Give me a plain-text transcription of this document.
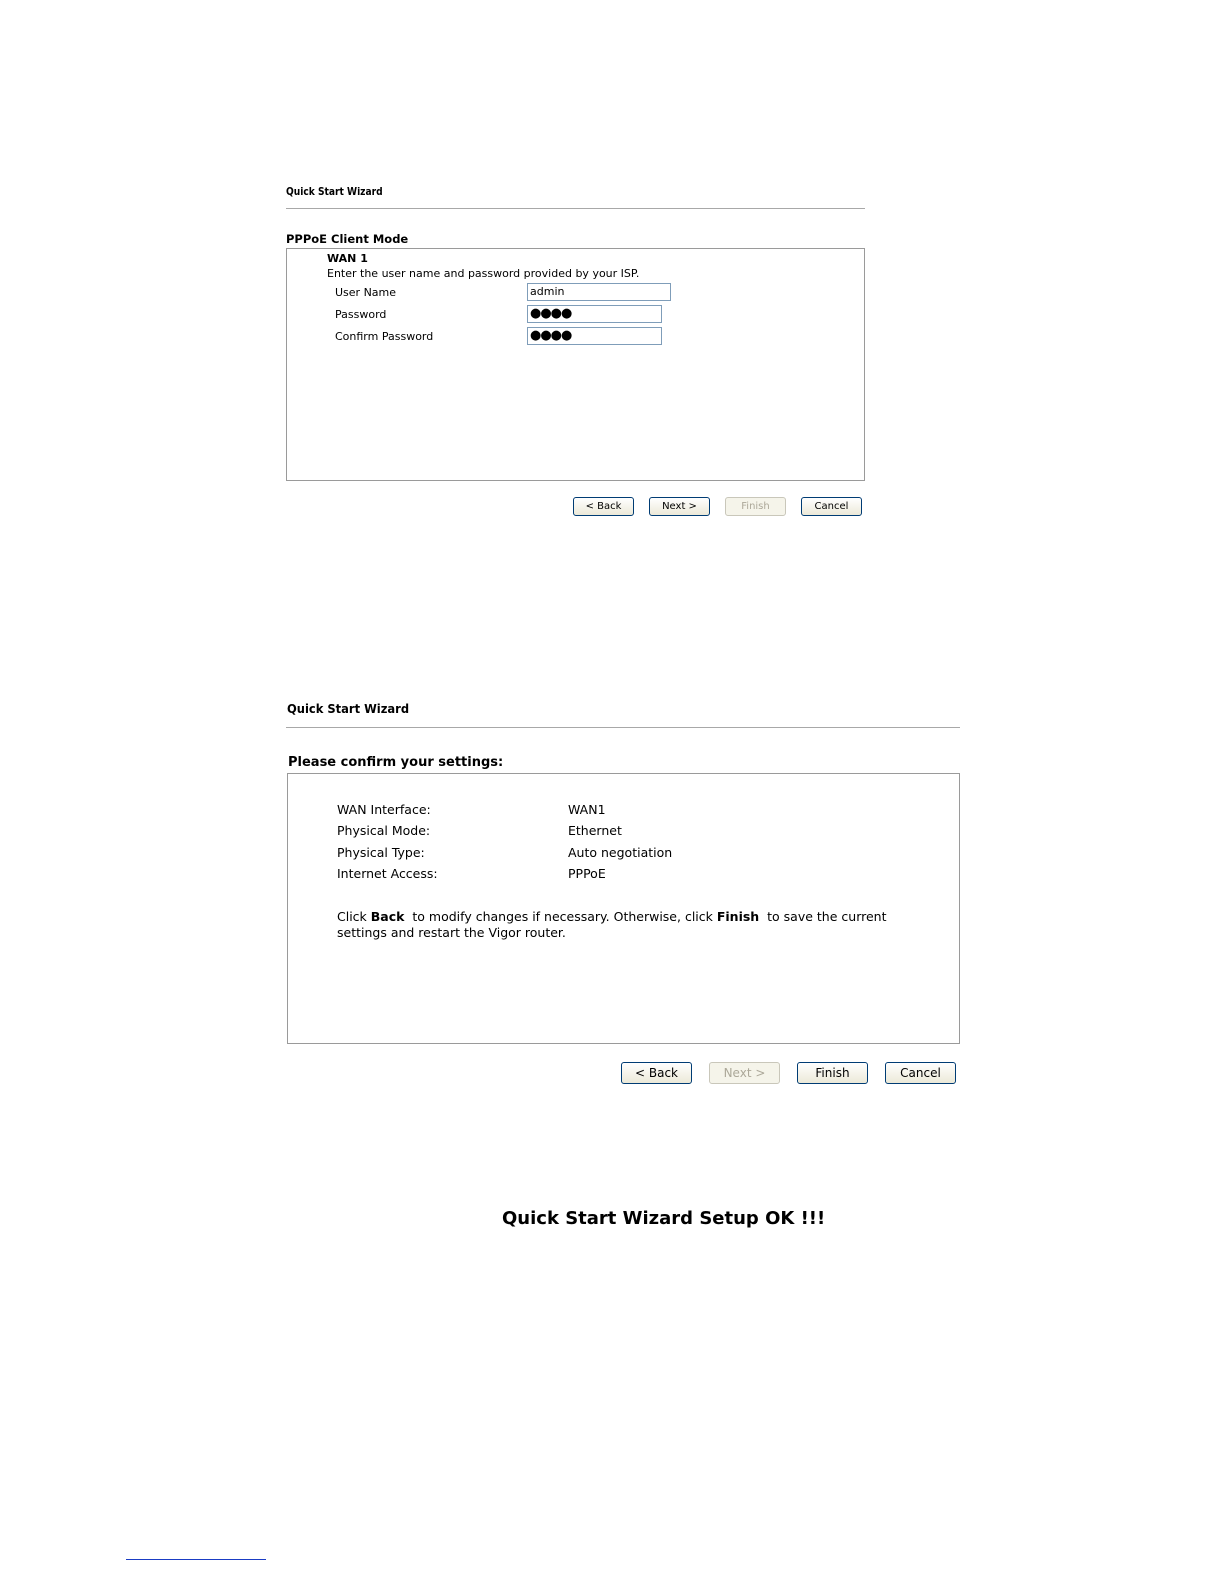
Quick Start Wizard
PPPoE Client Mode
WAN 1
Enter the user name and password provided by your ISP.
User Name	admin
Password	●●●●
Confirm Password	●●●●
< Back	Next >	Finish	Cancel
Quick Start Wizard
Please confirm your settings:
WAN Interface:	WAN1
Physical Mode:	Ethernet
Physical Type:	Auto negotiation
Internet Access:	PPPoE
Click Back  to modify changes if necessary. Otherwise, click Finish  to save the current settings and restart the Vigor router.
< Back	Next >	Finish	Cancel
Quick Start Wizard Setup OK !!!
